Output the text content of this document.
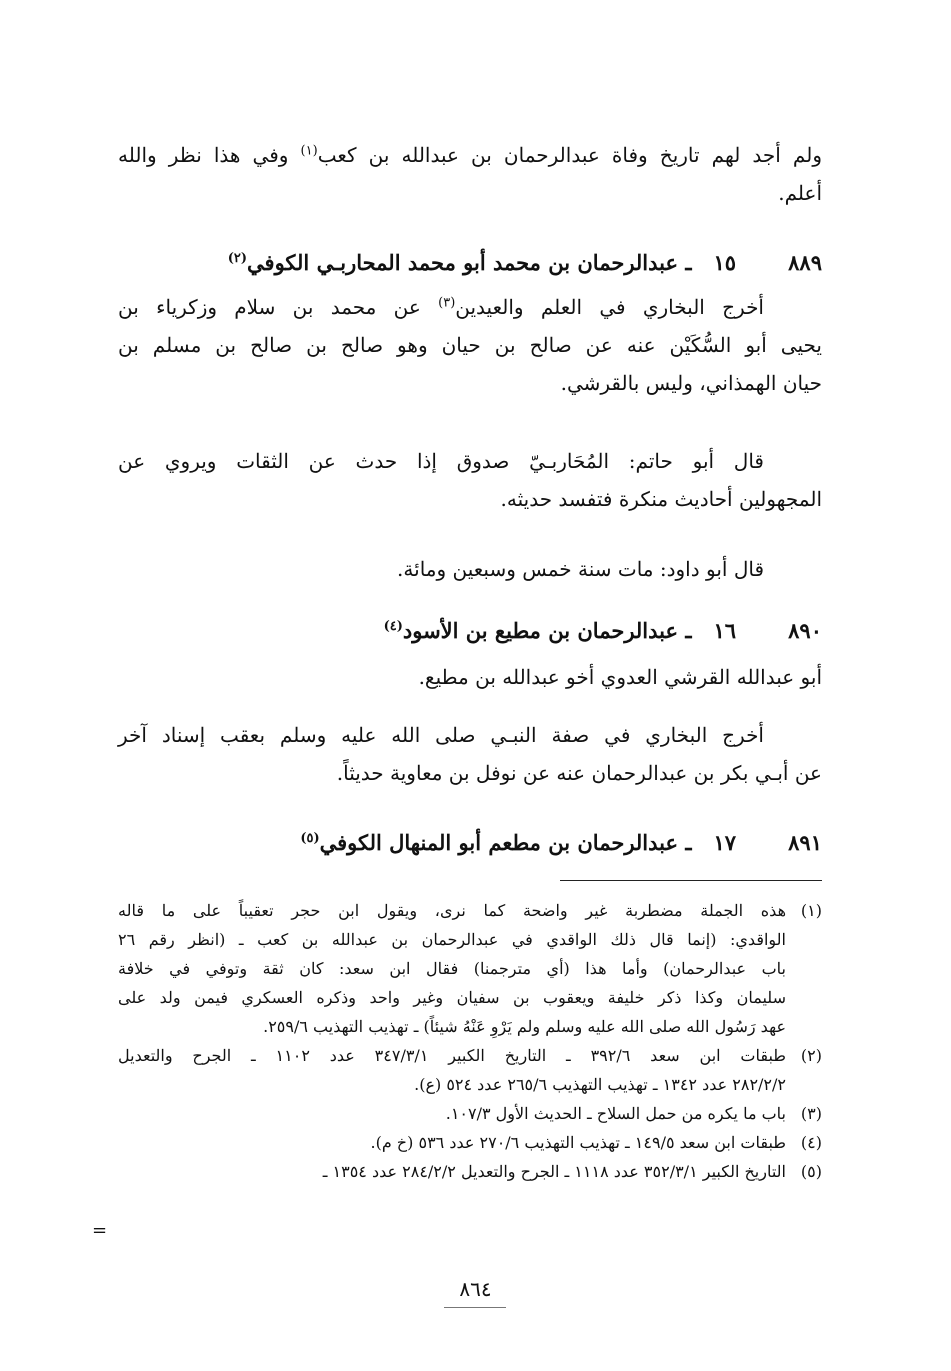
ولم أجد لهم تاريخ وفاة عبدالرحمان بن عبدالله بن كعب$^{(١)}$ وفي هذا نظر والله
أعلم.
٨٨٩
١٥   ـ عبدالرحمان بن محمد أبو محمد المحاربـي الكوفي$^{(٢)}$
أخرج البخاري في العلم والعيدين$^{(٣)}$ عن محمد بن سلام وزكرياء بن
يحيى أبو السُّكَيْن عنه عن صالح بن حيان وهو صالح بن صالح بن مسلم بن
حيان الهمذاني، وليس بالقرشي.
قال أبو حاتم: المُحَاربـيّ صدوق إذا حدث عن الثقات ويروي عن
المجهولين أحاديث منكرة فتفسد حديثه.
قال أبو داود: مات سنة خمس وسبعين ومائة.
٨٩٠
١٦   ـ عبدالرحمان بن مطيع بن الأسود$^{(٤)}$
أبو عبدالله القرشي العدوي أخو عبدالله بن مطيع.
أخرج البخاري في صفة النبـي صلى الله عليه وسلم بعقب إسناد آخر
عن أبـي بكر بن عبدالرحمان عنه عن نوفل بن معاوية حديثاً.
٨٩١
١٧   ـ عبدالرحمان بن مطعم أبو المنهال الكوفي$^{(٥)}$
(١)
هذه الجملة مضطربة غير واضحة كما نرى، ويقول ابن حجر تعقيباً على ما قاله
الواقدي: (إنما قال ذلك الواقدي في عبدالرحمان بن عبدالله بن كعب ـ (انظر رقم ٢٦
باب عبدالرحمان) وأما هذا (أي مترجمنا) فقال ابن سعد: كان ثقة وتوفي في خلافة
سليمان وكذا ذكر خليفة ويعقوب بن سفيان وغير واحد وذكره العسكري فيمن ولد على
عهد رَسُول الله صلى الله عليه وسلم ولم يَرْوِ عَنْهُ شيئاً) ـ تهذيب التهذيب ٢٥٩/٦.
(٢)
طبقات ابن سعد ٣٩٢/٦ ـ التاريخ الكبير ٣٤٧/٣/١ عدد ١١٠٢ ـ الجرح والتعديل
٢٨٢/٢/٢ عدد ١٣٤٢ ـ تهذيب التهذيب ٢٦٥/٦ عدد ٥٢٤ (ع).
(٣)
باب ما يكره من حمل السلاح ـ الحديث الأول ١٠٧/٣.
(٤)
طبقات ابن سعد ١٤٩/٥ ـ تهذيب التهذيب ٢٧٠/٦ عدد ٥٣٦ (خ م).
(٥)
التاريخ الكبير ٣٥٢/٣/١ عدد ١١١٨ ـ الجرح والتعديل ٢٨٤/٢/٢ عدد ١٣٥٤ ـ
=
٨٦٤
